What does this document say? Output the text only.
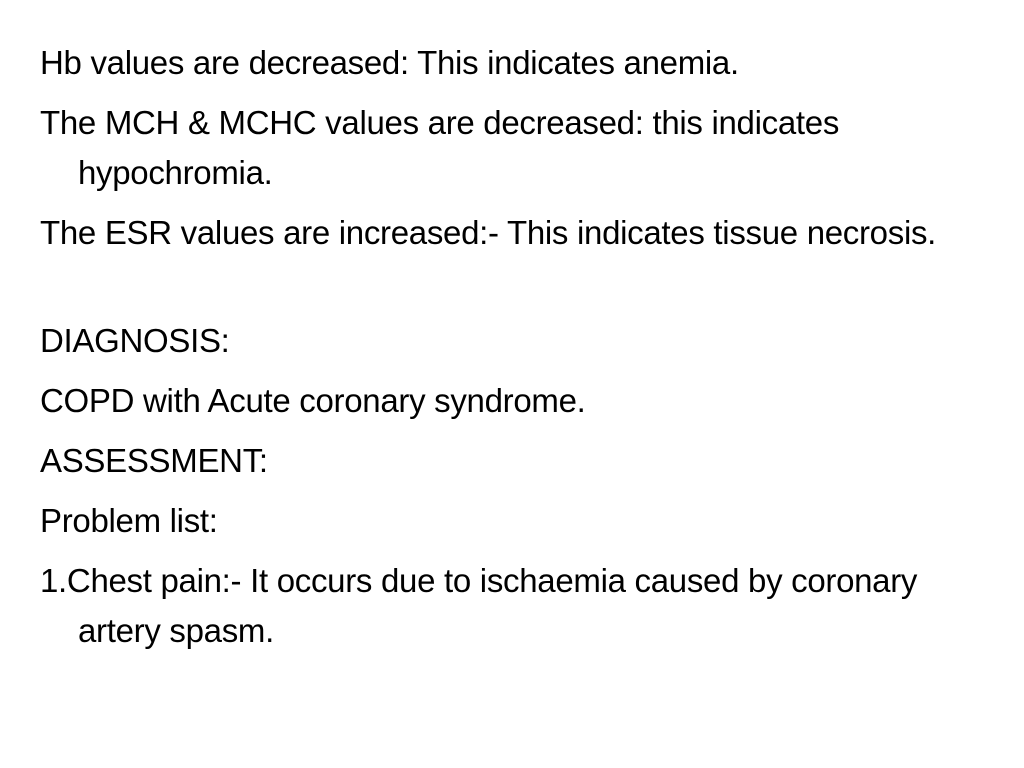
Hb values are decreased: This indicates anemia.

The MCH & MCHC values are decreased: this indicates hypochromia.

The ESR values are increased:- This indicates tissue necrosis.

DIAGNOSIS:

COPD with Acute coronary syndrome.

ASSESSMENT:

Problem list:

1.Chest pain:- It occurs due to ischaemia caused by coronary artery spasm.
